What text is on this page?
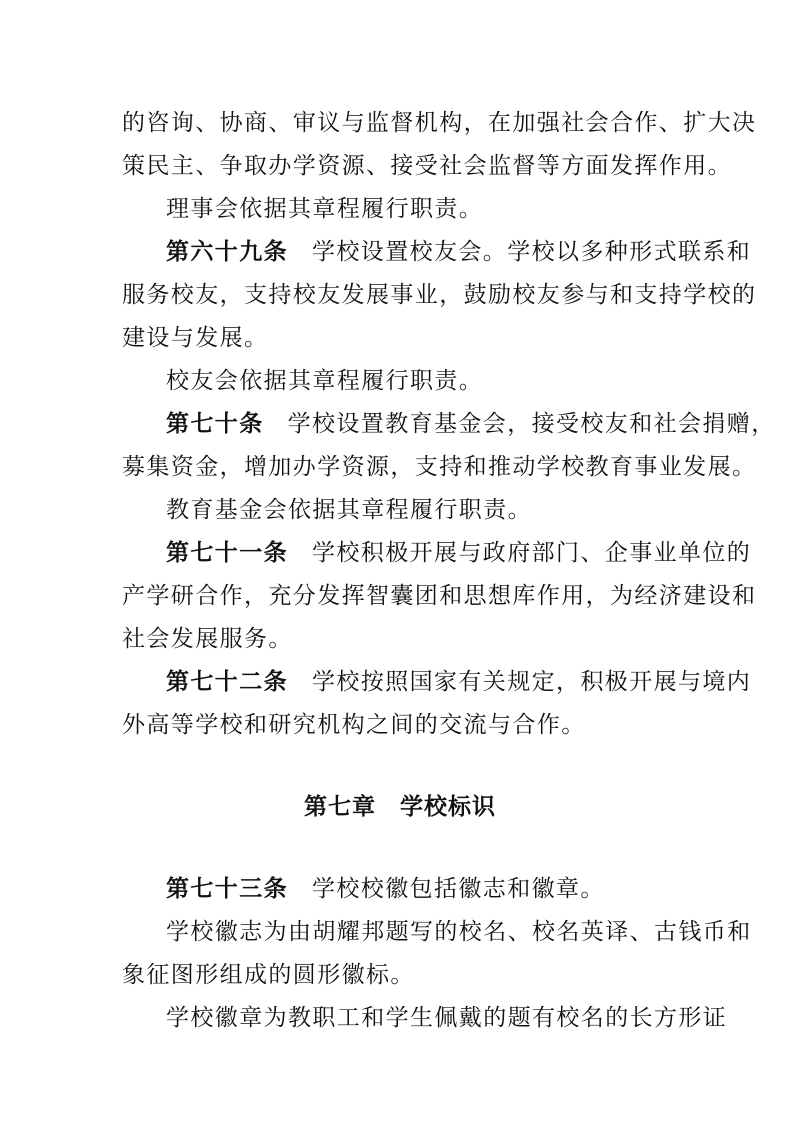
的咨询、协商、审议与监督机构，在加强社会合作、扩大决
策民主、争取办学资源、接受社会监督等方面发挥作用。
理事会依据其章程履行职责。
第六十九条 学校设置校友会。学校以多种形式联系和
服务校友，支持校友发展事业，鼓励校友参与和支持学校的
建设与发展。
校友会依据其章程履行职责。
第七十条 学校设置教育基金会，接受校友和社会捐赠，
募集资金，增加办学资源，支持和推动学校教育事业发展。
教育基金会依据其章程履行职责。
第七十一条 学校积极开展与政府部门、企事业单位的
产学研合作，充分发挥智囊团和思想库作用，为经济建设和
社会发展服务。
第七十二条 学校按照国家有关规定，积极开展与境内
外高等学校和研究机构之间的交流与合作。
第七章 学校标识
第七十三条 学校校徽包括徽志和徽章。
学校徽志为由胡耀邦题写的校名、校名英译、古钱币和
象征图形组成的圆形徽标。
学校徽章为教职工和学生佩戴的题有校名的长方形证
